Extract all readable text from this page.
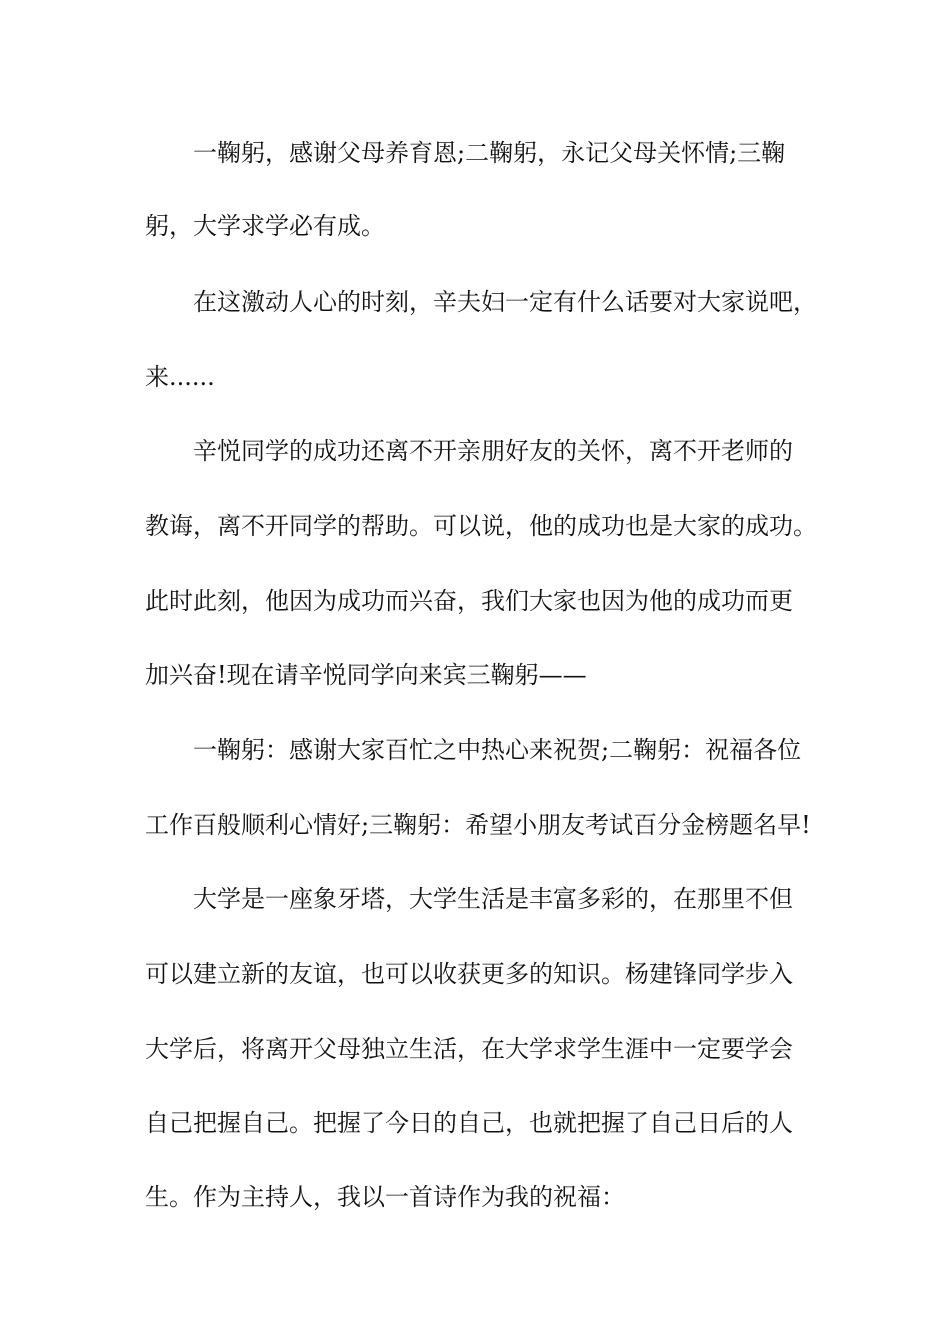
一鞠躬，感谢父母养育恩;二鞠躬，永记父母关怀情;三鞠
躬，大学求学必有成。
在这激动人心的时刻，辛夫妇一定有什么话要对大家说吧，
来......
辛悦同学的成功还离不开亲朋好友的关怀，离不开老师的
教诲，离不开同学的帮助。可以说，他的成功也是大家的成功。
此时此刻，他因为成功而兴奋，我们大家也因为他的成功而更
加兴奋!现在请辛悦同学向来宾三鞠躬——
一鞠躬：感谢大家百忙之中热心来祝贺;二鞠躬：祝福各位
工作百般顺利心情好;三鞠躬：希望小朋友考试百分金榜题名早!
大学是一座象牙塔，大学生活是丰富多彩的，在那里不但
可以建立新的友谊，也可以收获更多的知识。杨建锋同学步入
大学后，将离开父母独立生活，在大学求学生涯中一定要学会
自己把握自己。把握了今日的自己，也就把握了自己日后的人
生。作为主持人，我以一首诗作为我的祝福：
